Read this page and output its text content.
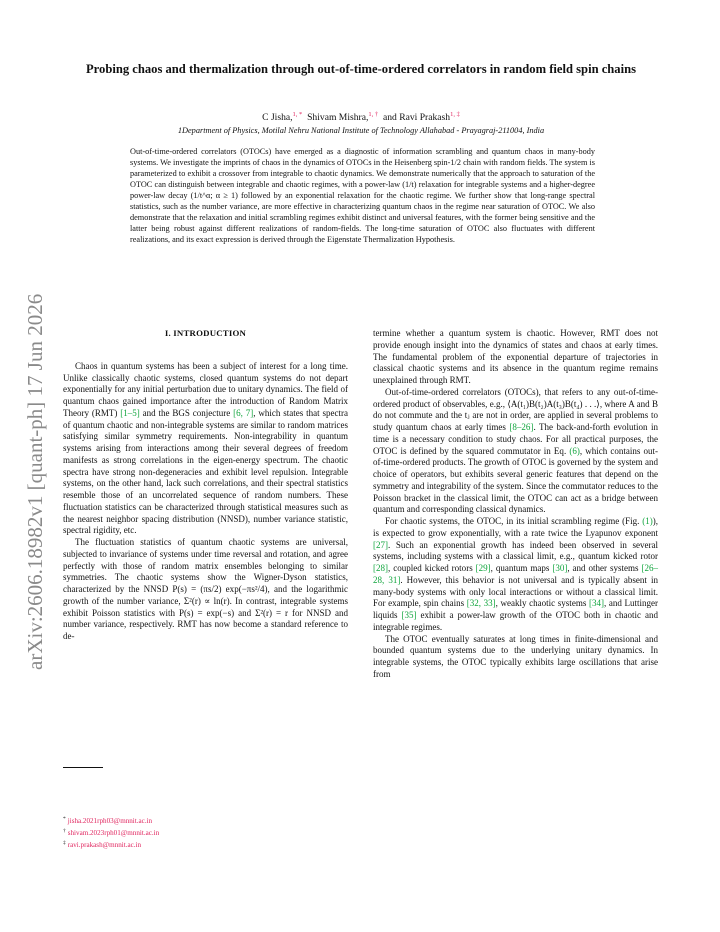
arXiv:2606.18982v1 [quant-ph] 17 Jun 2026
Probing chaos and thermalization through out-of-time-ordered correlators in random field spin chains
C Jisha,$^{1, *}$ Shivam Mishra,$^{1, \dagger}$ and Ravi Prakash$^{1, \ddagger}$
1Department of Physics, Motilal Nehru National Institute of Technology Allahabad - Prayagraj-211004, India
Out-of-time-ordered correlators (OTOCs) have emerged as a diagnostic of information scrambling and quantum chaos in many-body systems. We investigate the imprints of chaos in the dynamics of OTOCs in the Heisenberg spin-1/2 chain with random fields. The system is parameterized to exhibit a crossover from integrable to chaotic dynamics. We demonstrate numerically that the approach to saturation of the OTOC can distinguish between integrable and chaotic regimes, with a power-law (1/t) relaxation for integrable systems and a higher-degree power-law decay (1/t^α; α ≥ 1) followed by an exponential relaxation for the chaotic regime. We further show that long-range spectral statistics, such as the number variance, are more effective in characterizing quantum chaos in the regime near saturation of OTOC. We also demonstrate that the relaxation and initial scrambling regimes exhibit distinct and universal features, with the former being sensitive and the latter being robust against different realizations of random-fields. The long-time saturation of OTOC also fluctuates with different realizations, and its exact expression is derived through the Eigenstate Thermalization Hypothesis.
I. INTRODUCTION

Chaos in quantum systems has been a subject of interest for a long time. Unlike classically chaotic systems, closed quantum systems do not depart exponentially for any initial perturbation due to unitary dynamics. The field of quantum chaos gained importance after the introduction of Random Matrix Theory (RMT) [1–5] and the BGS conjecture [6, 7], which states that spectra of quantum chaotic and non-integrable systems are similar to random matrices satisfying similar symmetry requirements. Non-integrability in quantum systems arising from interactions among their several degrees of freedom manifests as strong correlations in the eigen-energy spectrum. The chaotic spectra have strong non-degeneracies and exhibit level repulsion. Integrable systems, on the other hand, lack such correlations, and their spectral statistics resemble those of an uncorrelated sequence of random numbers. These fluctuation statistics can be characterized through statistical measures such as the nearest neighbor spacing distribution (NNSD), number variance statistic, spectral rigidity, etc.

The fluctuation statistics of quantum chaotic systems are universal, subjected to invariance of systems under time reversal and rotation, and agree perfectly with those of random matrix ensembles belonging to similar symmetries. The chaotic systems show the Wigner-Dyson statistics, characterized by the NNSD P(s) = (πs/2) exp(−πs²/4), and the logarithmic growth of the number variance, Σ²(r) ∝ ln(r). In contrast, integrable systems exhibit Poisson statistics with P(s) = exp(−s) and Σ²(r) = r for NNSD and number variance, respectively. RMT has now become a standard reference to de-

termine whether a quantum system is chaotic. However, RMT does not provide enough insight into the dynamics of states and chaos at early times. The fundamental problem of the exponential departure of trajectories in classical chaotic systems and its absence in the quantum regime remains unexplained through RMT.

Out-of-time-ordered correlators (OTOCs), that refers to any out-of-time-ordered product of observables, e.g., ⟨A(t₁)B(t₂)A(t₃)B(t₄) . . .⟩, where A and B do not commute and the tⱼ are not in order, are applied in several problems to study quantum chaos at early times [8–26]. The back-and-forth evolution in time is a necessary condition to study chaos. For all practical purposes, the OTOC is defined by the squared commutator in Eq. (6), which contains out-of-time-ordered products. The growth of OTOC is governed by the system and choice of operators, but exhibits several generic features that depend on the symmetry and integrability of the system. Since the commutator reduces to the Poisson bracket in the classical limit, the OTOC can act as a bridge between quantum and corresponding classical dynamics.

For chaotic systems, the OTOC, in its initial scrambling regime (Fig. (1)), is expected to grow exponentially, with a rate twice the Lyapunov exponent [27]. Such an exponential growth has indeed been observed in several systems, including systems with a classical limit, e.g., quantum kicked rotor [28], coupled kicked rotors [29], quantum maps [30], and other systems [26–28, 31]. However, this behavior is not universal and is typically absent in many-body systems with only local interactions or without a classical limit. For example, spin chains [32, 33], weakly chaotic systems [34], and Luttinger liquids [35] exhibit a power-law growth of the OTOC both in chaotic and integrable regimes.

The OTOC eventually saturates at long times in finite-dimensional and bounded quantum systems due to the underlying unitary dynamics. In integrable systems, the OTOC typically exhibits large oscillations that arise from

* jisha.2021rph03@mnnit.ac.in
† shivam.2023rph01@mnnit.ac.in
‡ ravi.prakash@mnnit.ac.in
